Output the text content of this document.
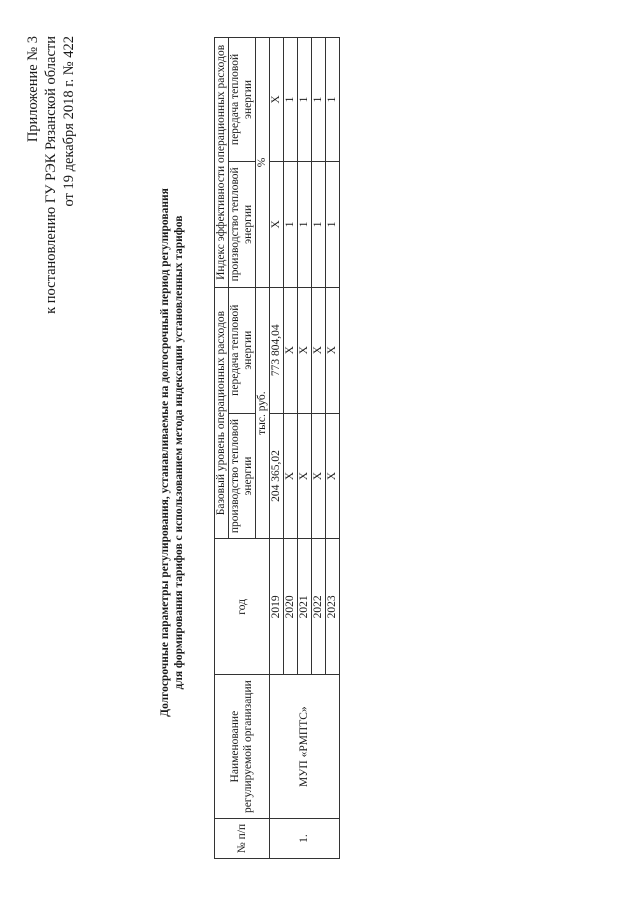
Приложение № 3 к постановлению ГУ РЭК Рязанской области от 19 декабря 2018 г. № 422
Долгосрочные параметры регулирования, устанавливаемые на долгосрочный период регулирования для формирования тарифов с использованием метода индексации установленных тарифов
№ п/п	Наименование регулируемой организации	год	Базовый уровень операционных расходов		Индекс эффективности операционных расходов	
			производство тепловой энергии	передача тепловой энергии	производство тепловой энергии	передача тепловой энергии
			тыс. руб.		%	
1.	МУП «РМПТС»	2019	204 365,02	773 804,04	Х	Х
		2020	Х	Х	1	1
		2021	Х	Х	1	1
		2022	Х	Х	1	1
		2023	Х	Х	1	1
